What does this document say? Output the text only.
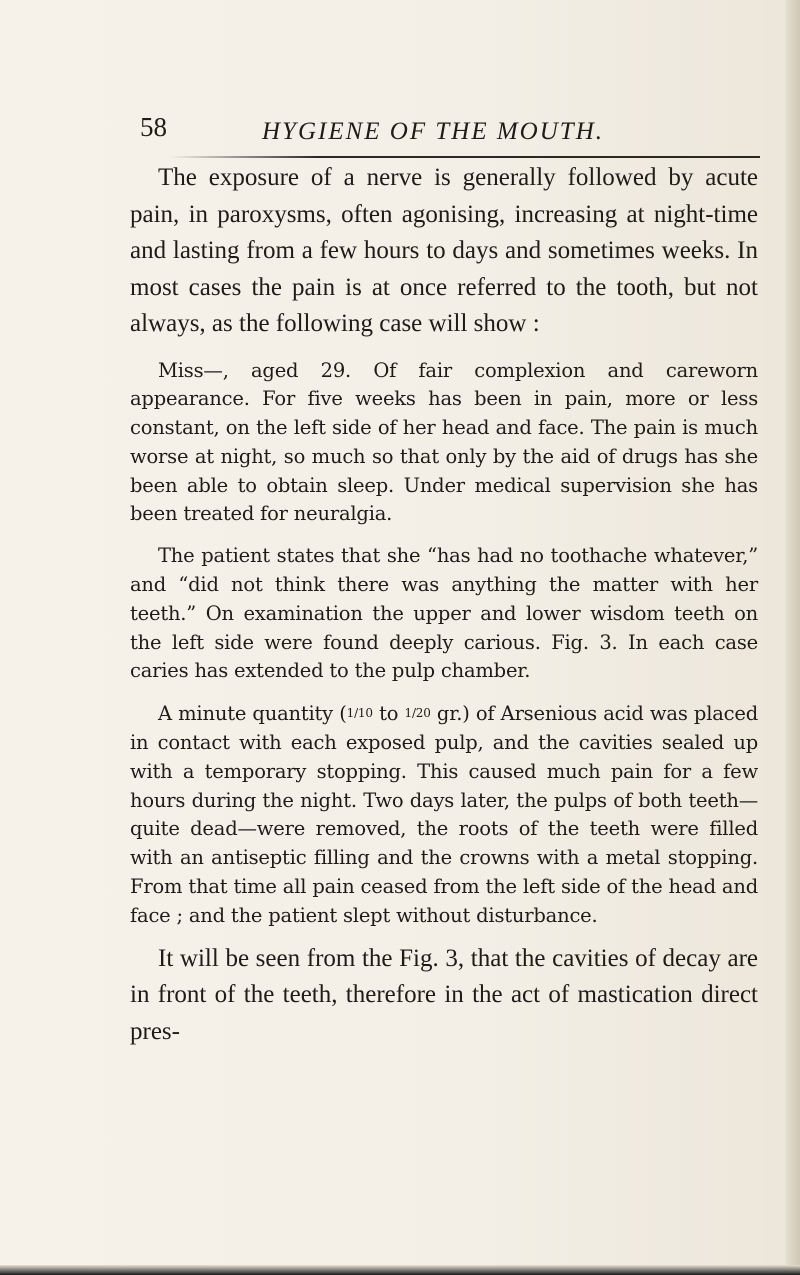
58	HYGIENE OF THE MOUTH.

The exposure of a nerve is generally followed by acute pain, in paroxysms, often agonising, increasing at night-time and lasting from a few hours to days and sometimes weeks. In most cases the pain is at once referred to the tooth, but not always, as the following case will show :

Miss—, aged 29. Of fair complexion and careworn appearance. For five weeks has been in pain, more or less constant, on the left side of her head and face. The pain is much worse at night, so much so that only by the aid of drugs has she been able to obtain sleep. Under medical supervision she has been treated for neuralgia.

The patient states that she “has had no toothache whatever,” and “did not think there was anything the matter with her teeth.” On examination the upper and lower wisdom teeth on the left side were found deeply carious. Fig. 3. In each case caries has extended to the pulp chamber.

A minute quantity (1/10 to 1/20 gr.) of Arsenious acid was placed in contact with each exposed pulp, and the cavities sealed up with a temporary stopping. This caused much pain for a few hours during the night. Two days later, the pulps of both teeth—quite dead—were removed, the roots of the teeth were filled with an antiseptic filling and the crowns with a metal stopping. From that time all pain ceased from the left side of the head and face ; and the patient slept without disturbance.

It will be seen from the Fig. 3, that the cavities of decay are in front of the teeth, therefore in the act of mastication direct pres-
